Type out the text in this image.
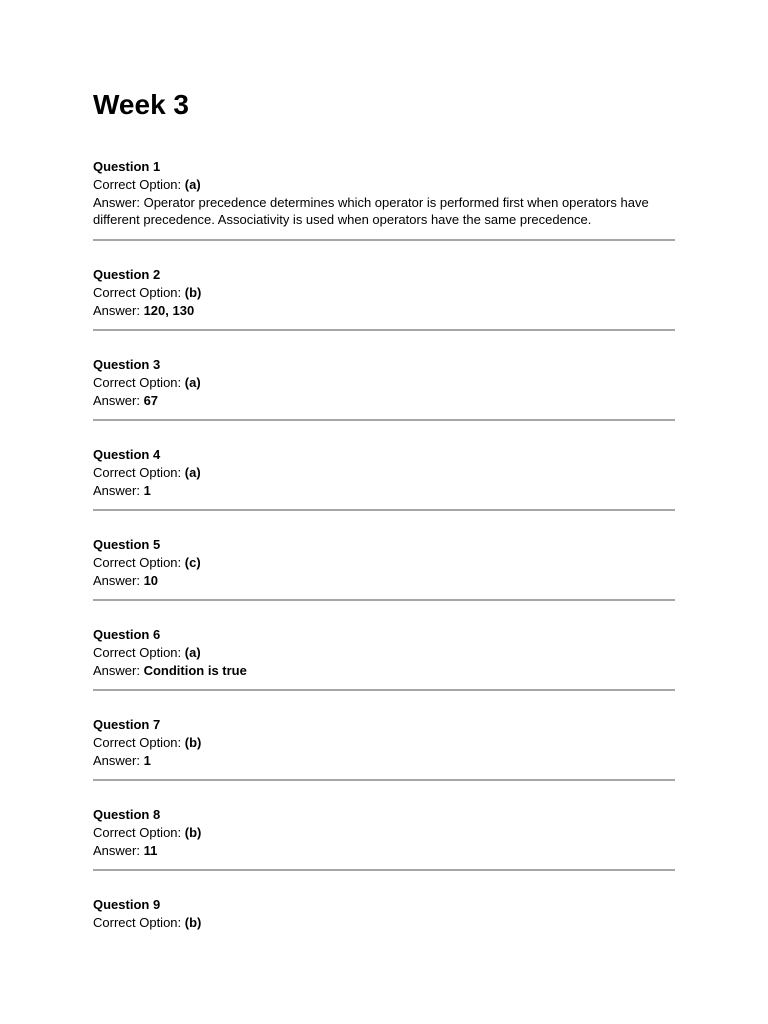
Week 3
Question 1
Correct Option: (a)
Answer: Operator precedence determines which operator is performed first when operators have different precedence. Associativity is used when operators have the same precedence.
Question 2
Correct Option: (b)
Answer: 120, 130
Question 3
Correct Option: (a)
Answer: 67
Question 4
Correct Option: (a)
Answer: 1
Question 5
Correct Option: (c)
Answer: 10
Question 6
Correct Option: (a)
Answer: Condition is true
Question 7
Correct Option: (b)
Answer: 1
Question 8
Correct Option: (b)
Answer: 11
Question 9
Correct Option: (b)
